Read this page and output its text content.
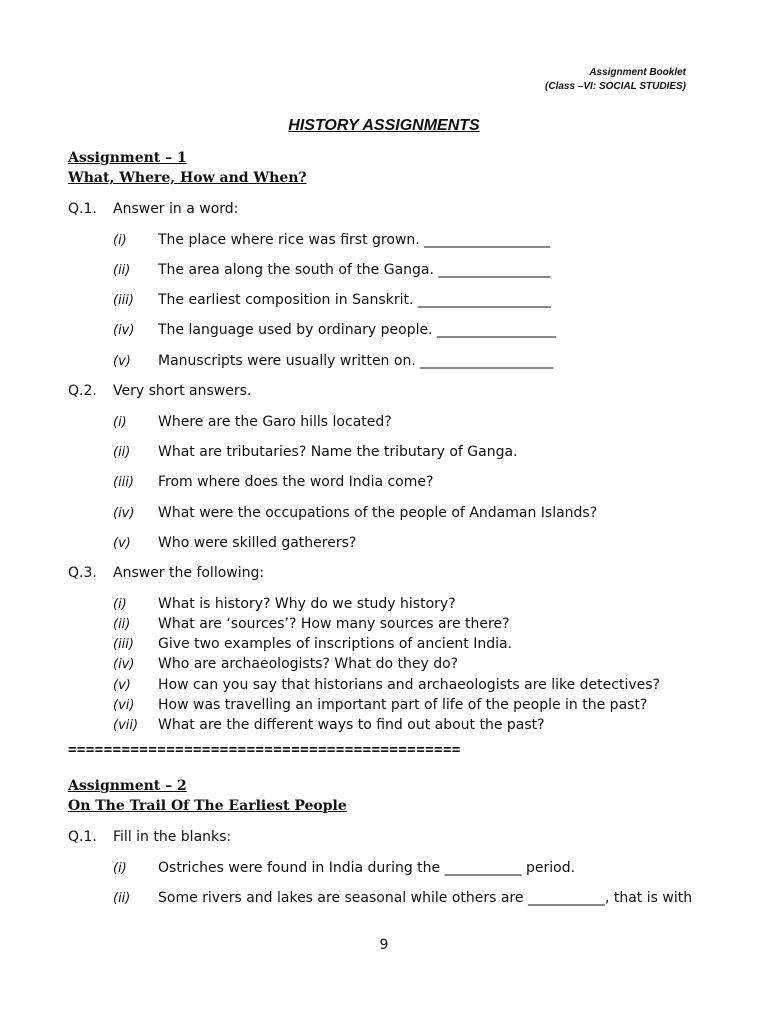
Assignment Booklet
(Class –VI: SOCIAL STUDIES)
HISTORY ASSIGNMENTS
Assignment – 1
What, Where, How and When?
Q.1. Answer in a word:
(i) The place where rice was first grown. __________________
(ii) The area along the south of the Ganga. ________________
(iii) The earliest composition in Sanskrit. ___________________
(iv) The language used by ordinary people. _________________
(v) Manuscripts were usually written on. ___________________
Q.2. Very short answers.
(i) Where are the Garo hills located?
(ii) What are tributaries? Name the tributary of Ganga.
(iii) From where does the word India come?
(iv) What were the occupations of the people of Andaman Islands?
(v) Who were skilled gatherers?
Q.3. Answer the following:
(i) What is history? Why do we study history?
(ii) What are ‘sources’? How many sources are there?
(iii) Give two examples of inscriptions of ancient India.
(iv) Who are archaeologists? What do they do?
(v) How can you say that historians and archaeologists are like detectives?
(vi) How was travelling an important part of life of the people in the past?
(vii) What are the different ways to find out about the past?
============================================
Assignment – 2
On The Trail Of The Earliest People
Q.1. Fill in the blanks:
(i) Ostriches were found in India during the ___________ period.
(ii) Some rivers and lakes are seasonal while others are ___________, that is with
9
